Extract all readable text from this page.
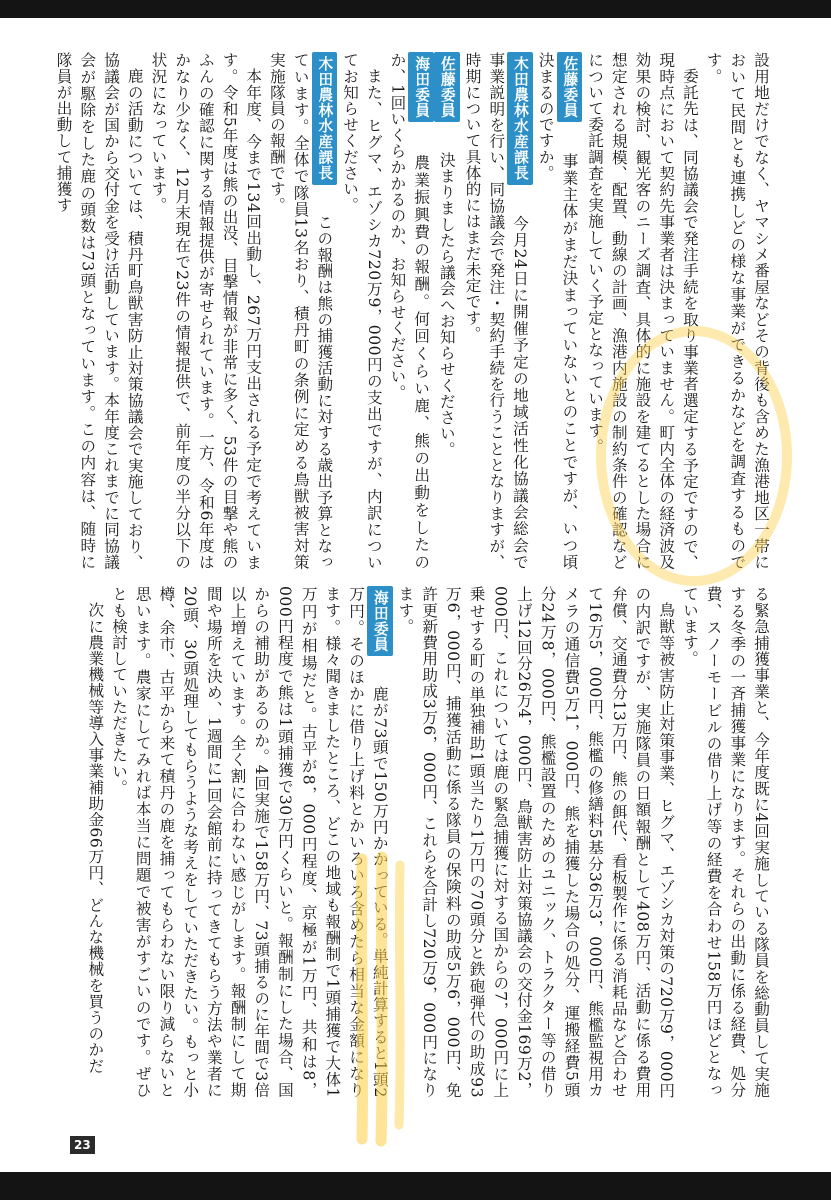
設用地だけでなく、ヤマシメ番屋などその背後も含めた漁港地区一帯において民間とも連携しどの様な事業ができるかなどを調査するものです。
委託先は、同協議会で発注手続を取り事業者選定する予定ですので、現時点において契約先事業者は決まっていません。町内全体の経済波及効果の検討、観光客のニーズ調査、具体的に施設を建てるとした場合に想定される規模、配置、動線の計画、漁港内施設の制約条件の確認などについて委託調査を実施していく予定となっています。
佐藤委員　事業主体がまだ決まっていないとのことですが、いつ頃決まるのですか。
木田農林水産課長　今月24日に開催予定の地域活性化協議会総会で事業説明を行い、同協議会で発注・契約手続を行うこととなりますが、時期について具体的にはまだ未定です。
佐藤委員　決まりましたら議会へお知らせください。
海田委員　農業振興費の報酬。何回くらい鹿、熊の出動をしたのか、1回いくらかかるのか、お知らせください。
また、ヒグマ、エゾシカ720万9，000円の支出ですが、内訳についてお知らせください。
木田農林水産課長　この報酬は熊の捕獲活動に対する歳出予算となっています。全体で隊員13名おり、積丹町の条例に定める鳥獣被害対策実施隊員の報酬です。
本年度、今まで134回出動し、267万円支出される予定で考えています。令和5年度は熊の出没、目撃情報が非常に多く、53件の目撃や熊のふんの確認に関する情報提供が寄せられています。一方、令和6年度はかなり少なく、12月末現在で23件の情報提供で、前年度の半分以下の状況になっています。
鹿の活動については、積丹町鳥獣害防止対策協議会で実施しており、協議会が国から交付金を受け活動しています。本年度これまでに同協議会が駆除をした鹿の頭数は73頭となっています。この内容は、随時に隊員が出動して捕獲す
る緊急捕獲事業と、今年度既に4回実施している隊員を総動員して実施する冬季の一斉捕獲事業になります。それらの出動に係る経費、処分費、スノーモービルの借り上げ等の経費を合わせ158万円ほどとなっています。
鳥獣等被害防止対策事業、ヒグマ、エゾシカ対策の720万9，000円の内訳ですが、実施隊員の日額報酬として408万円、活動に係る費用弁償、交通費分13万円、熊の餌代、看板製作に係る消耗品など合わせて16万5，000円、熊檻の修繕料5基分36万3，000円、熊檻監視用カメラの通信費5万1，000円、熊を捕獲した場合の処分、運搬経費5頭分24万8，000円、熊檻設置のためのユニック、トラクター等の借り上げ12回分26万4，000円、鳥獣害防止対策協議会の交付金169万2，000円、これについては鹿の緊急捕獲に対する国からの7，000円に上乗せする町の単独補助1頭当たり1万円の70頭分と鉄砲弾代の助成93万6，000円、捕獲活動に係る隊員の保険料の助成5万6，000円、免許更新費用助成3万6，000円、これらを合計し720万9，000円になります。
海田委員　鹿が73頭で150万円かかっている。単純計算すると1頭2万円。そのほかに借り上げ料とかいろいろ含めたら相当な金額になります。様々聞きましたところ、どこの地域も報酬制で1頭捕獲で大体1万円が相場だと。古平が8，000円程度、京極が1万円、共和は8，000円程度で熊は1頭捕獲で30万円くらいと。報酬制にした場合、国からの補助があるのか。4回実施で158万円、73頭捕るのに年間で3倍以上増えています。全く割に合わない感じがします。報酬制にして期間や場所を決め、1週間に1回会館前に持ってきてもらう方法や業者に20頭、30頭処理してもらうような考えをしていただきたい。もっと小樽、余市、古平から来て積丹の鹿を捕ってもらわない限り減らないと思います。農家にしてみれば本当に問題で被害がすごいのです。ぜひとも検討していただきたい。
次に農業機械等導入事業補助金66万円、どんな機械を買うのかだ
23
